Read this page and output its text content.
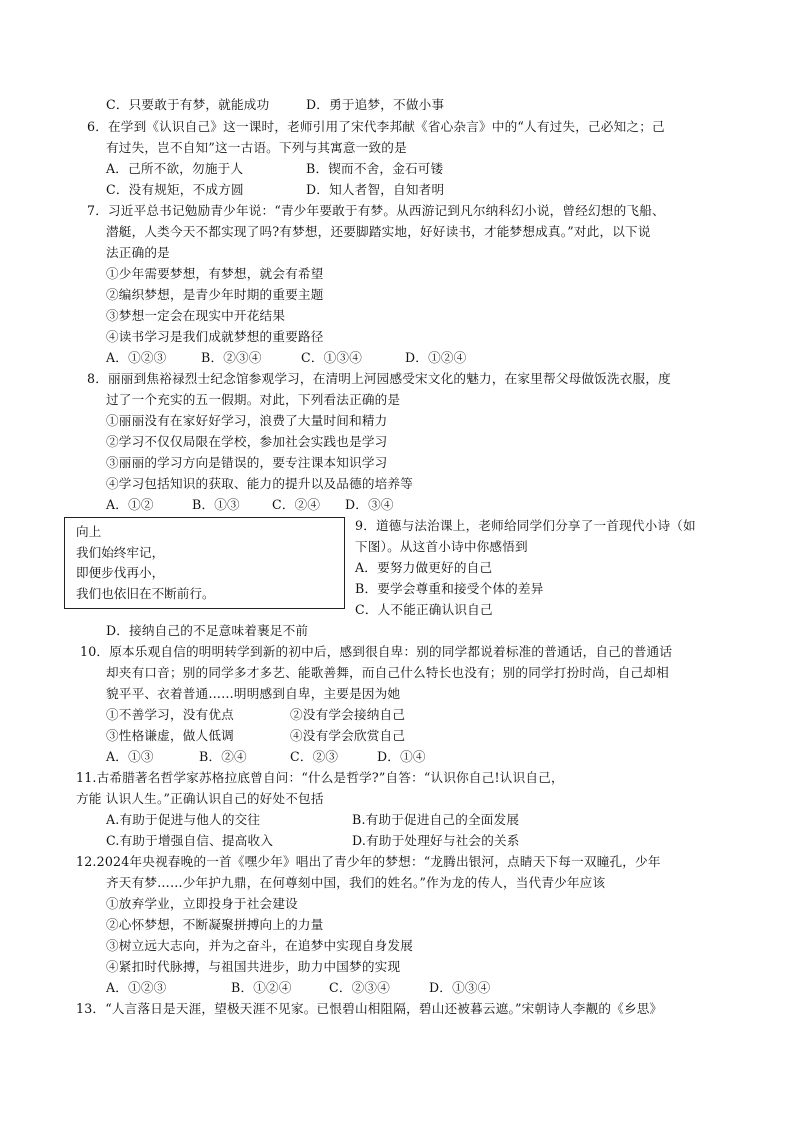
C．只要敢于有梦，就能成功	D．勇于追梦，不做小事
6．在学到《认识自己》这一课时，老师引用了宋代李邦献《省心杂言》中的“人有过失，己必知之；己
有过失，岂不自知”这一古语。下列与其寓意一致的是
A．己所不欲，勿施于人	B．锲而不舍，金石可镂
C．没有规矩，不成方圆	D．知人者智，自知者明
7．习近平总书记勉励青少年说：“青少年要敢于有梦。从西游记到凡尔纳科幻小说，曾经幻想的飞船、
潜艇，人类今天不都实现了吗?有梦想，还要脚踏实地，好好读书，才能梦想成真。”对此，以下说
法正确的是
①少年需要梦想，有梦想，就会有希望
②编织梦想，是青少年时期的重要主题
③梦想一定会在现实中开花结果
④读书学习是我们成就梦想的重要路径
A．①②③	B．②③④	C．①③④	D．①②④
8．丽丽到焦裕禄烈士纪念馆参观学习，在清明上河园感受宋文化的魅力，在家里帮父母做饭洗衣服，度
过了一个充实的五一假期。对此，下列看法正确的是
①丽丽没有在家好好学习，浪费了大量时间和精力
②学习不仅仅局限在学校，参加社会实践也是学习
③丽丽的学习方向是错误的，要专注课本知识学习
④学习包括知识的获取、能力的提升以及品德的培养等
A．①②	B．①③	C．②④ D．③④
向上
我们始终牢记，
即便步伐再小，
我们也依旧在不断前行。
9．道德与法治课上，老师给同学们分享了一首现代小诗（如
下图）。从这首小诗中你感悟到
A．要努力做更好的自己
B．要学会尊重和接受个体的差异
C．人不能正确认识自己
D．接纳自己的不足意味着裹足不前
10．原本乐观自信的明明转学到新的初中后，感到很自卑：别的同学都说着标准的普通话，自己的普通话
却夹有口音；别的同学多才多艺、能歌善舞，而自己什么特长也没有；别的同学打扮时尚，自己却相
貌平平、衣着普通……明明感到自卑，主要是因为她
①不善学习，没有优点	②没有学会接纳自己
③性格谦虚，做人低调	④没有学会欣赏自己
A．①③	B．②④	C．②③	D．①④
11.古希腊著名哲学家苏格拉底曾自问：“什么是哲学?”自答：“认识你自己!认识自己，
方能 认识人生。”正确认识自己的好处不包括
A.有助于促进与他人的交往	B.有助于促进自己的全面发展
C.有助于增强自信、提高收入	D.有助于处理好与社会的关系
12.2024年央视春晚的一首《嘿少年》唱出了青少年的梦想：“龙腾出银河，点睛天下每一双瞳孔，少年
齐天有梦……少年护九鼎，在何尊刻中国，我们的姓名。”作为龙的传人，当代青少年应该
①放弃学业，立即投身于社会建设
②心怀梦想，不断凝聚拼搏向上的力量
③树立远大志向，并为之奋斗，在追梦中实现自身发展
④紧扣时代脉搏，与祖国共进步，助力中国梦的实现
A．①②③	B．①②④	C．②③④	D．①③④
13．“人言落日是天涯，望极天涯不见家。已恨碧山相阻隔，碧山还被暮云遮。”宋朝诗人李觏的《乡思》
